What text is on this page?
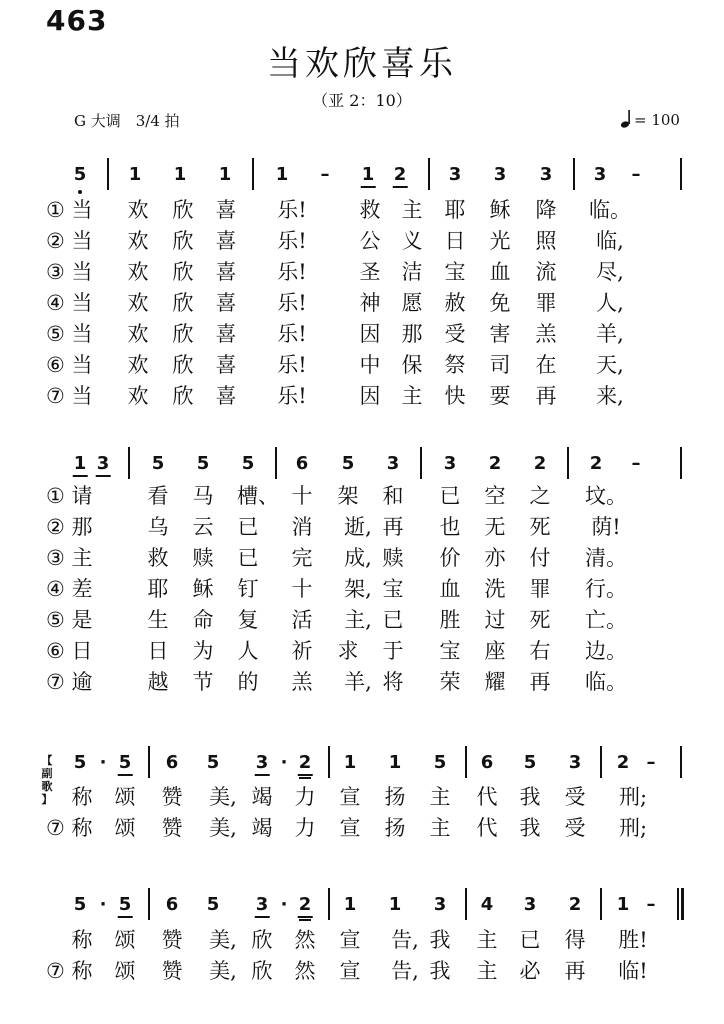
463
当欢欣喜乐
（亚 2：10）
G 大调　3/4 拍	= 100
5 1 1 1 1 – 1 2 3 3 3 3 –
① 当 欢 欣 喜 乐!	救 主 耶 稣 降 临。
② 当 欢 欣 喜 乐!	公 义 日 光 照 临,
③ 当 欢 欣 喜 乐!	圣 洁 宝 血 流 尽,
④ 当 欢 欣 喜 乐!	神 愿 赦 免 罪 人,
⑤ 当 欢 欣 喜 乐!	因 那 受 害 羔 羊,
⑥ 当 欢 欣 喜 乐!	中 保 祭 司 在 天,
⑦ 当 欢 欣 喜 乐!	因 主 快 要 再 来,
1 3 5 5 5 6 5 3 3 2 2 2 –
① 请	看 马 槽、 十 架 和 已 空 之 坟。
② 那	乌 云 已 消 逝, 再 也 无 死 荫!
③ 主	救 赎 已 完 成, 赎 价 亦 付 清。
④ 差	耶 稣 钉 十 架, 宝 血 洗 罪 行。
⑤ 是	生 命 复 活 主, 已 胜 过 死 亡。
⑥ 日	日 为 人 祈 求 于 宝 座 右 边。
⑦ 逾	越 节 的 羔 羊, 将 荣 耀 再 临。
5 · 5 6 5 3 · 2 1 1 5 6 5 3 2 –
【
副
歌
】 称 颂 赞 美, 竭 力 宣 扬 主 代 我 受 刑;
⑦ 称 颂 赞 美, 竭 力 宣 扬 主 代 我 受 刑;
5 · 5 6 5 3 · 2 1 1 3 4 3 2 1 –
称 颂 赞 美, 欣 然 宣 告, 我 主 已 得 胜!
⑦ 称 颂 赞 美, 欣 然 宣 告, 我 主 必 再 临!
